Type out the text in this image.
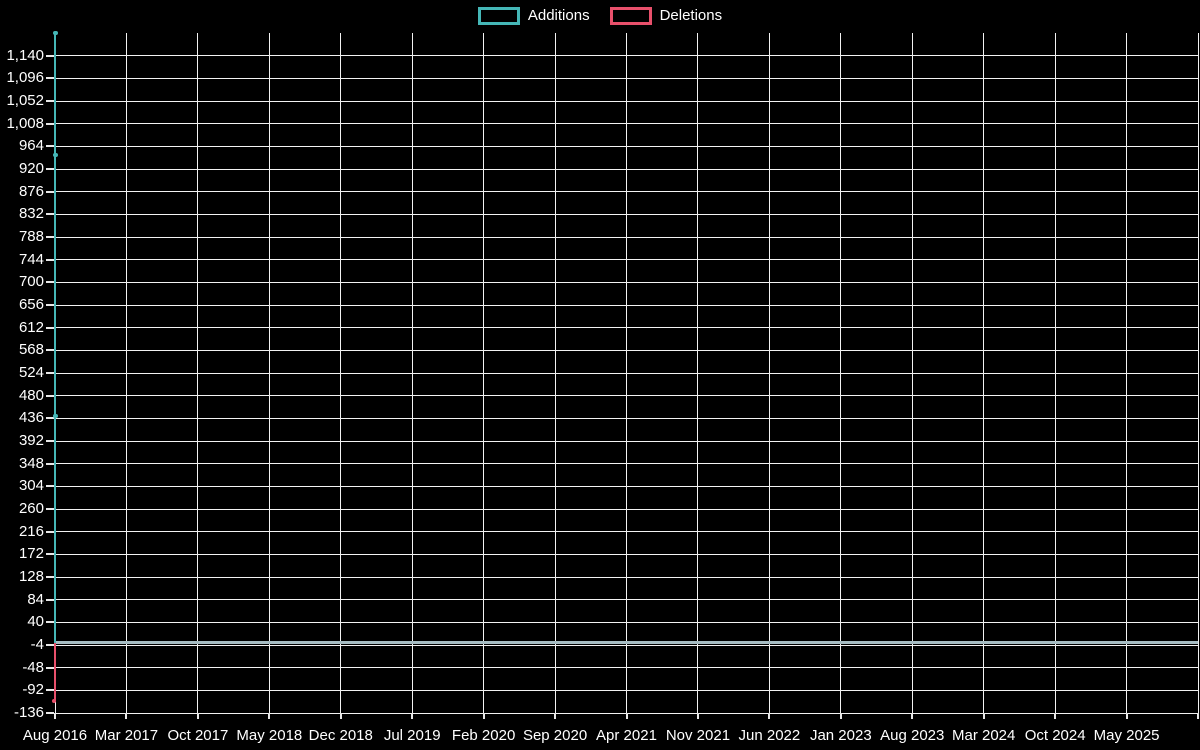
Additions	Deletions
1,140
1,096
1,052
1,008
964
920
876
832
788
744
700
656
612
568
524
480
436
392
348
304
260
216
172
128
84
40
-4
-48
-92
-136
Aug 2016 Mar 2017 Oct 2017 May 2018 Dec 2018 Jul 2019 Feb 2020 Sep 2020 Apr 2021 Nov 2021 Jun 2022 Jan 2023 Aug 2023 Mar 2024 Oct 2024 May 2025
